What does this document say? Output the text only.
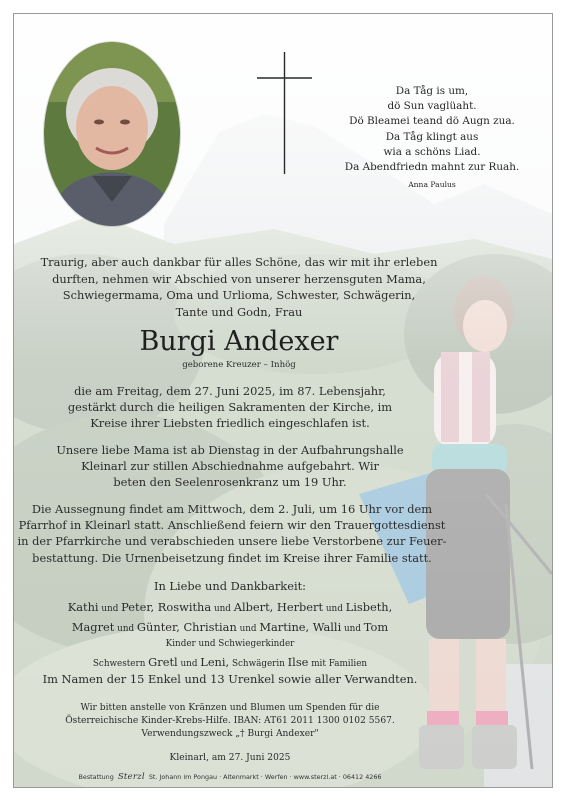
Da Tåg is um,
dö Sun vaglüaht.
Dö Bleamei teand dö Augn zua.
Da Tåg klingt aus
wia a schöns Liad.
Da Abendfriedn mahnt zur Ruah.
Anna Paulus
Traurig, aber auch dankbar für alles Schöne, das wir mit ihr erleben
durften, nehmen wir Abschied von unserer herzensguten Mama,
Schwiegermama, Oma und Urlioma, Schwester, Schwägerin,
Tante und Godn, Frau
Burgi Andexer
geborene Kreuzer – Inhög
die am Freitag, dem 27. Juni 2025, im 87. Lebensjahr,
gestärkt durch die heiligen Sakramenten der Kirche, im
Kreise ihrer Liebsten friedlich eingeschlafen ist.
Unsere liebe Mama ist ab Dienstag in der Aufbahrungshalle
Kleinarl zur stillen Abschiednahme aufgebahrt. Wir
beten den Seelenrosenkranz um 19 Uhr.
Die Aussegnung findet am Mittwoch, dem 2. Juli, um 16 Uhr vor dem
Pfarrhof in Kleinarl statt. Anschließend feiern wir den Trauergottesdienst
in der Pfarrkirche und verabschieden unsere liebe Verstorbene zur Feuer-
bestattung. Die Urnenbeisetzung findet im Kreise ihrer Familie statt.
In Liebe und Dankbarkeit:
Kathi und Peter, Roswitha und Albert, Herbert und Lisbeth,
Magret und Günter, Christian und Martine, Walli und Tom
Kinder und Schwiegerkinder
Schwestern Gretl und Leni, Schwägerin Ilse mit Familien
Im Namen der 15 Enkel und 13 Urenkel sowie aller Verwandten.
Wir bitten anstelle von Kränzen und Blumen um Spenden für die
Österreichische Kinder-Krebs-Hilfe. IBAN: AT61 2011 1300 0102 5567.
Verwendungszweck „† Burgi Andexer"
Kleinarl, am 27. Juni 2025
Bestattung Sterzl St. Johann im Pongau · Altenmarkt · Werfen · www.sterzl.at · 06412 4266
